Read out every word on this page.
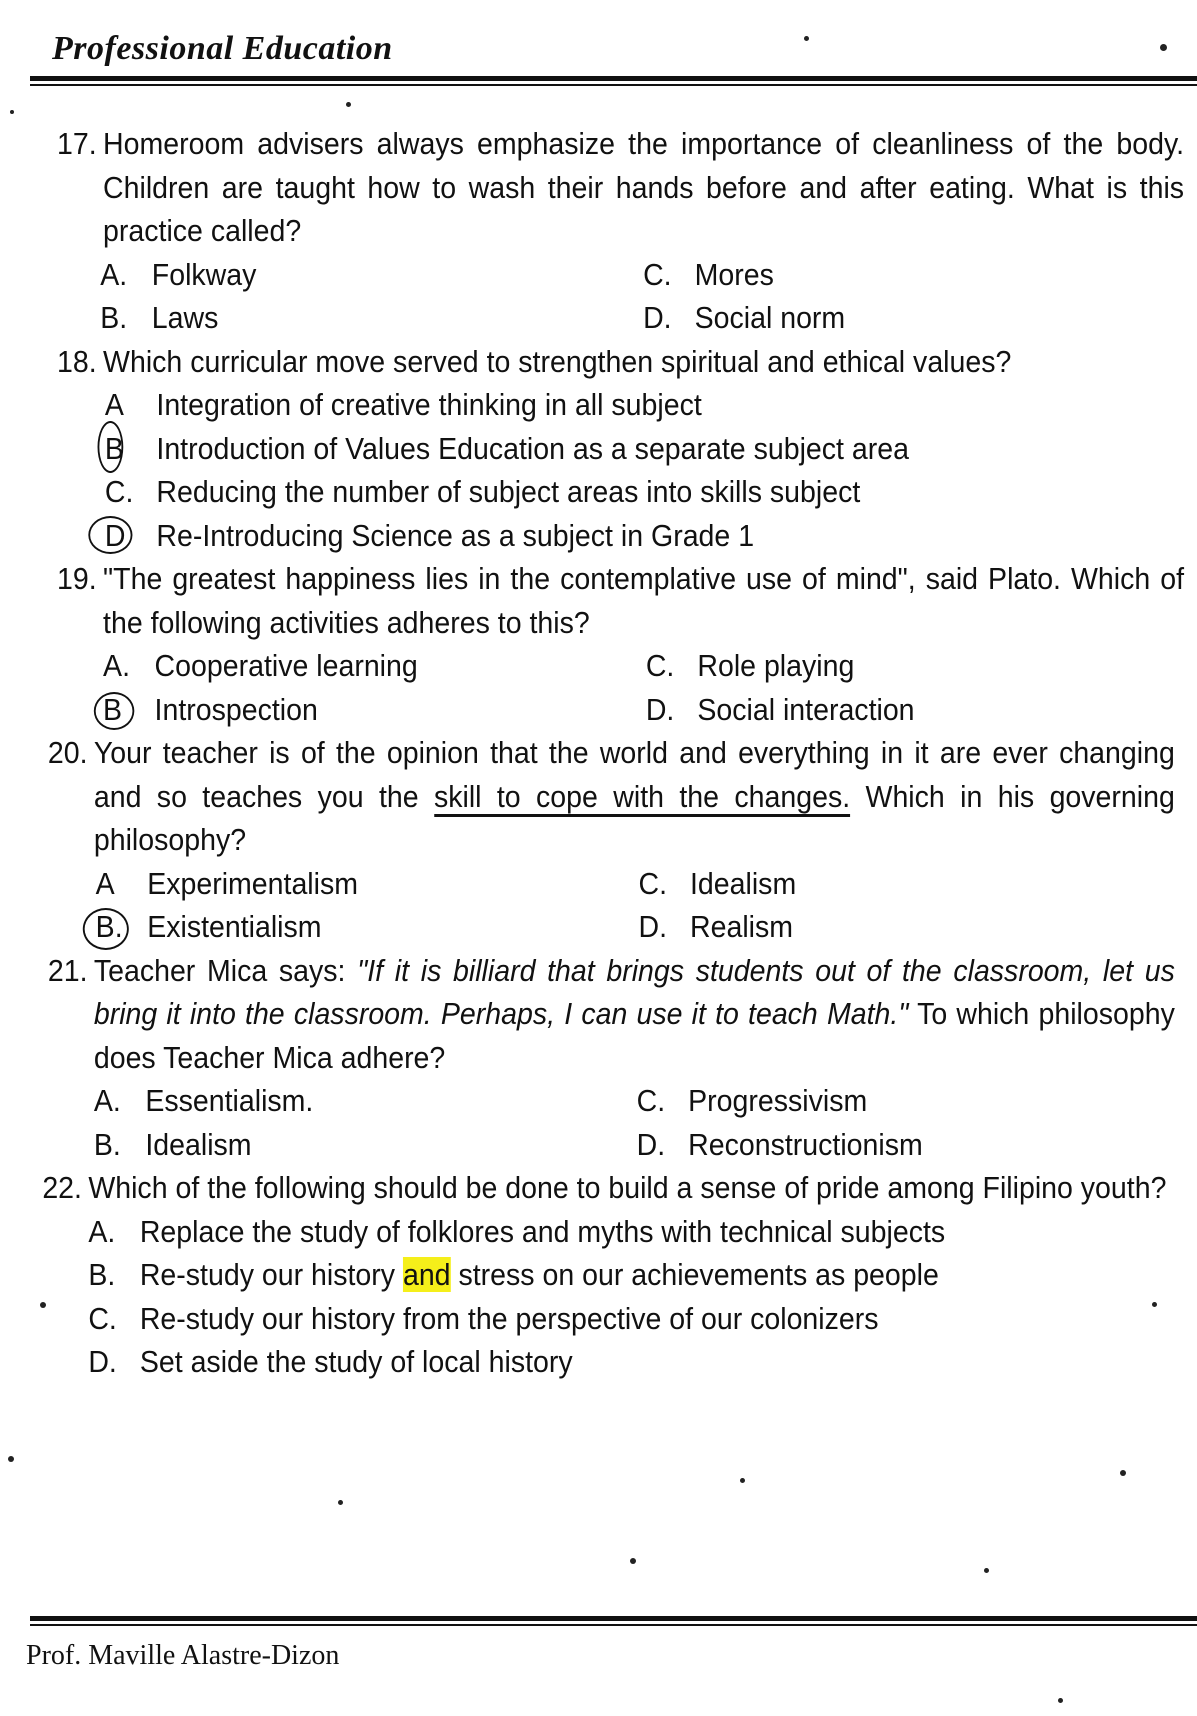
Professional Education
17. Homeroom advisers always emphasize the importance of cleanliness of the body. Children are taught how to wash their hands before and after eating. What is this practice called?
A. Folkway	C. Mores
B. Laws	D. Social norm
18. Which curricular move served to strengthen spiritual and ethical values?
A	Integration of creative thinking in all subject
B	Introduction of Values Education as a separate subject area
C. Reducing the number of subject areas into skills subject
D Re-Introducing Science as a subject in Grade 1
19. "The greatest happiness lies in the contemplative use of mind", said Plato. Which of the following activities adheres to this?
A. Cooperative learning	C. Role playing
B	Introspection	D. Social interaction
20. Your teacher is of the opinion that the world and everything in it are ever changing and so teaches you the skill to cope with the changes. Which in his governing philosophy?
A	Experimentalism	C. Idealism
B. Existentialism	D. Realism
21. Teacher Mica says: "If it is billiard that brings students out of the classroom, let us bring it into the classroom. Perhaps, I can use it to teach Math." To which philosophy does Teacher Mica adhere?
A. Essentialism.	C. Progressivism
B. Idealism	D. Reconstructionism
22. Which of the following should be done to build a sense of pride among Filipino youth?
A. Replace the study of folklores and myths with technical subjects
B. Re-study our history and stress on our achievements as people
C. Re-study our history from the perspective of our colonizers
D. Set aside the study of local history
Prof. Maville Alastre-Dizon
